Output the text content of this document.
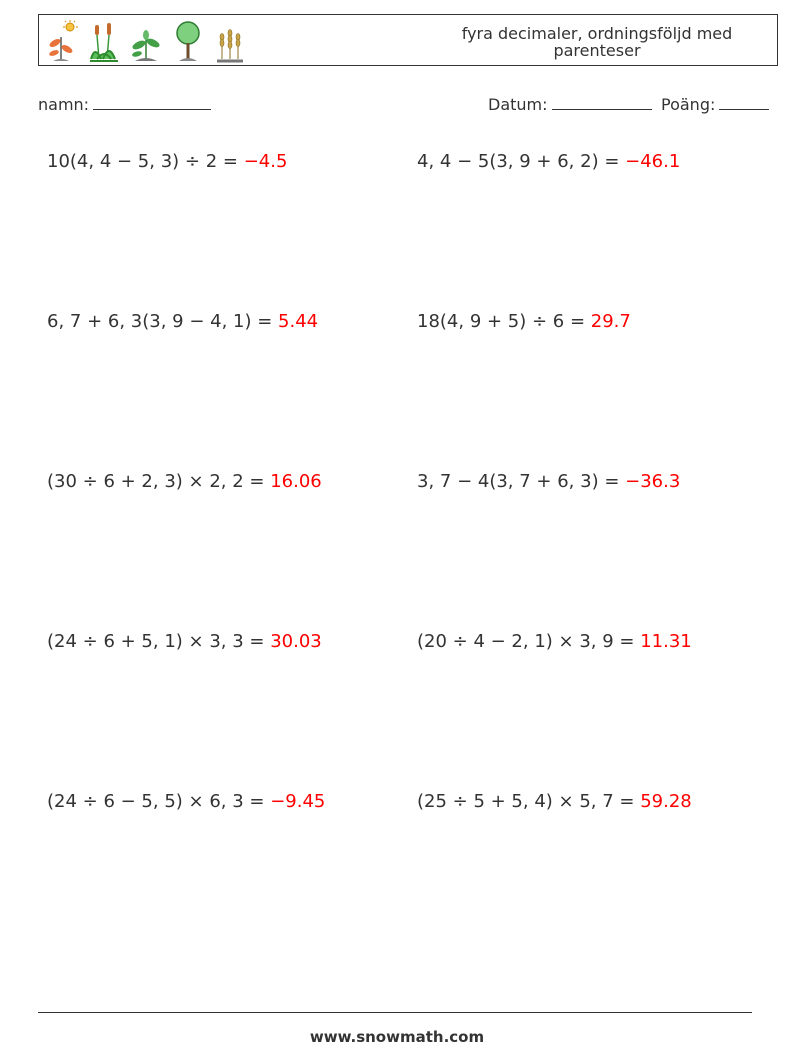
fyra decimaler, ordningsföljd med parenteser
namn:	Datum:	Poäng:
10(4, 4 − 5, 3) ÷ 2 = −4.5	4, 4 − 5(3, 9 + 6, 2) = −46.1
6, 7 + 6, 3(3, 9 − 4, 1) = 5.44	18(4, 9 + 5) ÷ 6 = 29.7
(30 ÷ 6 + 2, 3) × 2, 2 = 16.06	3, 7 − 4(3, 7 + 6, 3) = −36.3
(24 ÷ 6 + 5, 1) × 3, 3 = 30.03	(20 ÷ 4 − 2, 1) × 3, 9 = 11.31
(24 ÷ 6 − 5, 5) × 6, 3 = −9.45	(25 ÷ 5 + 5, 4) × 5, 7 = 59.28
www.snowmath.com
